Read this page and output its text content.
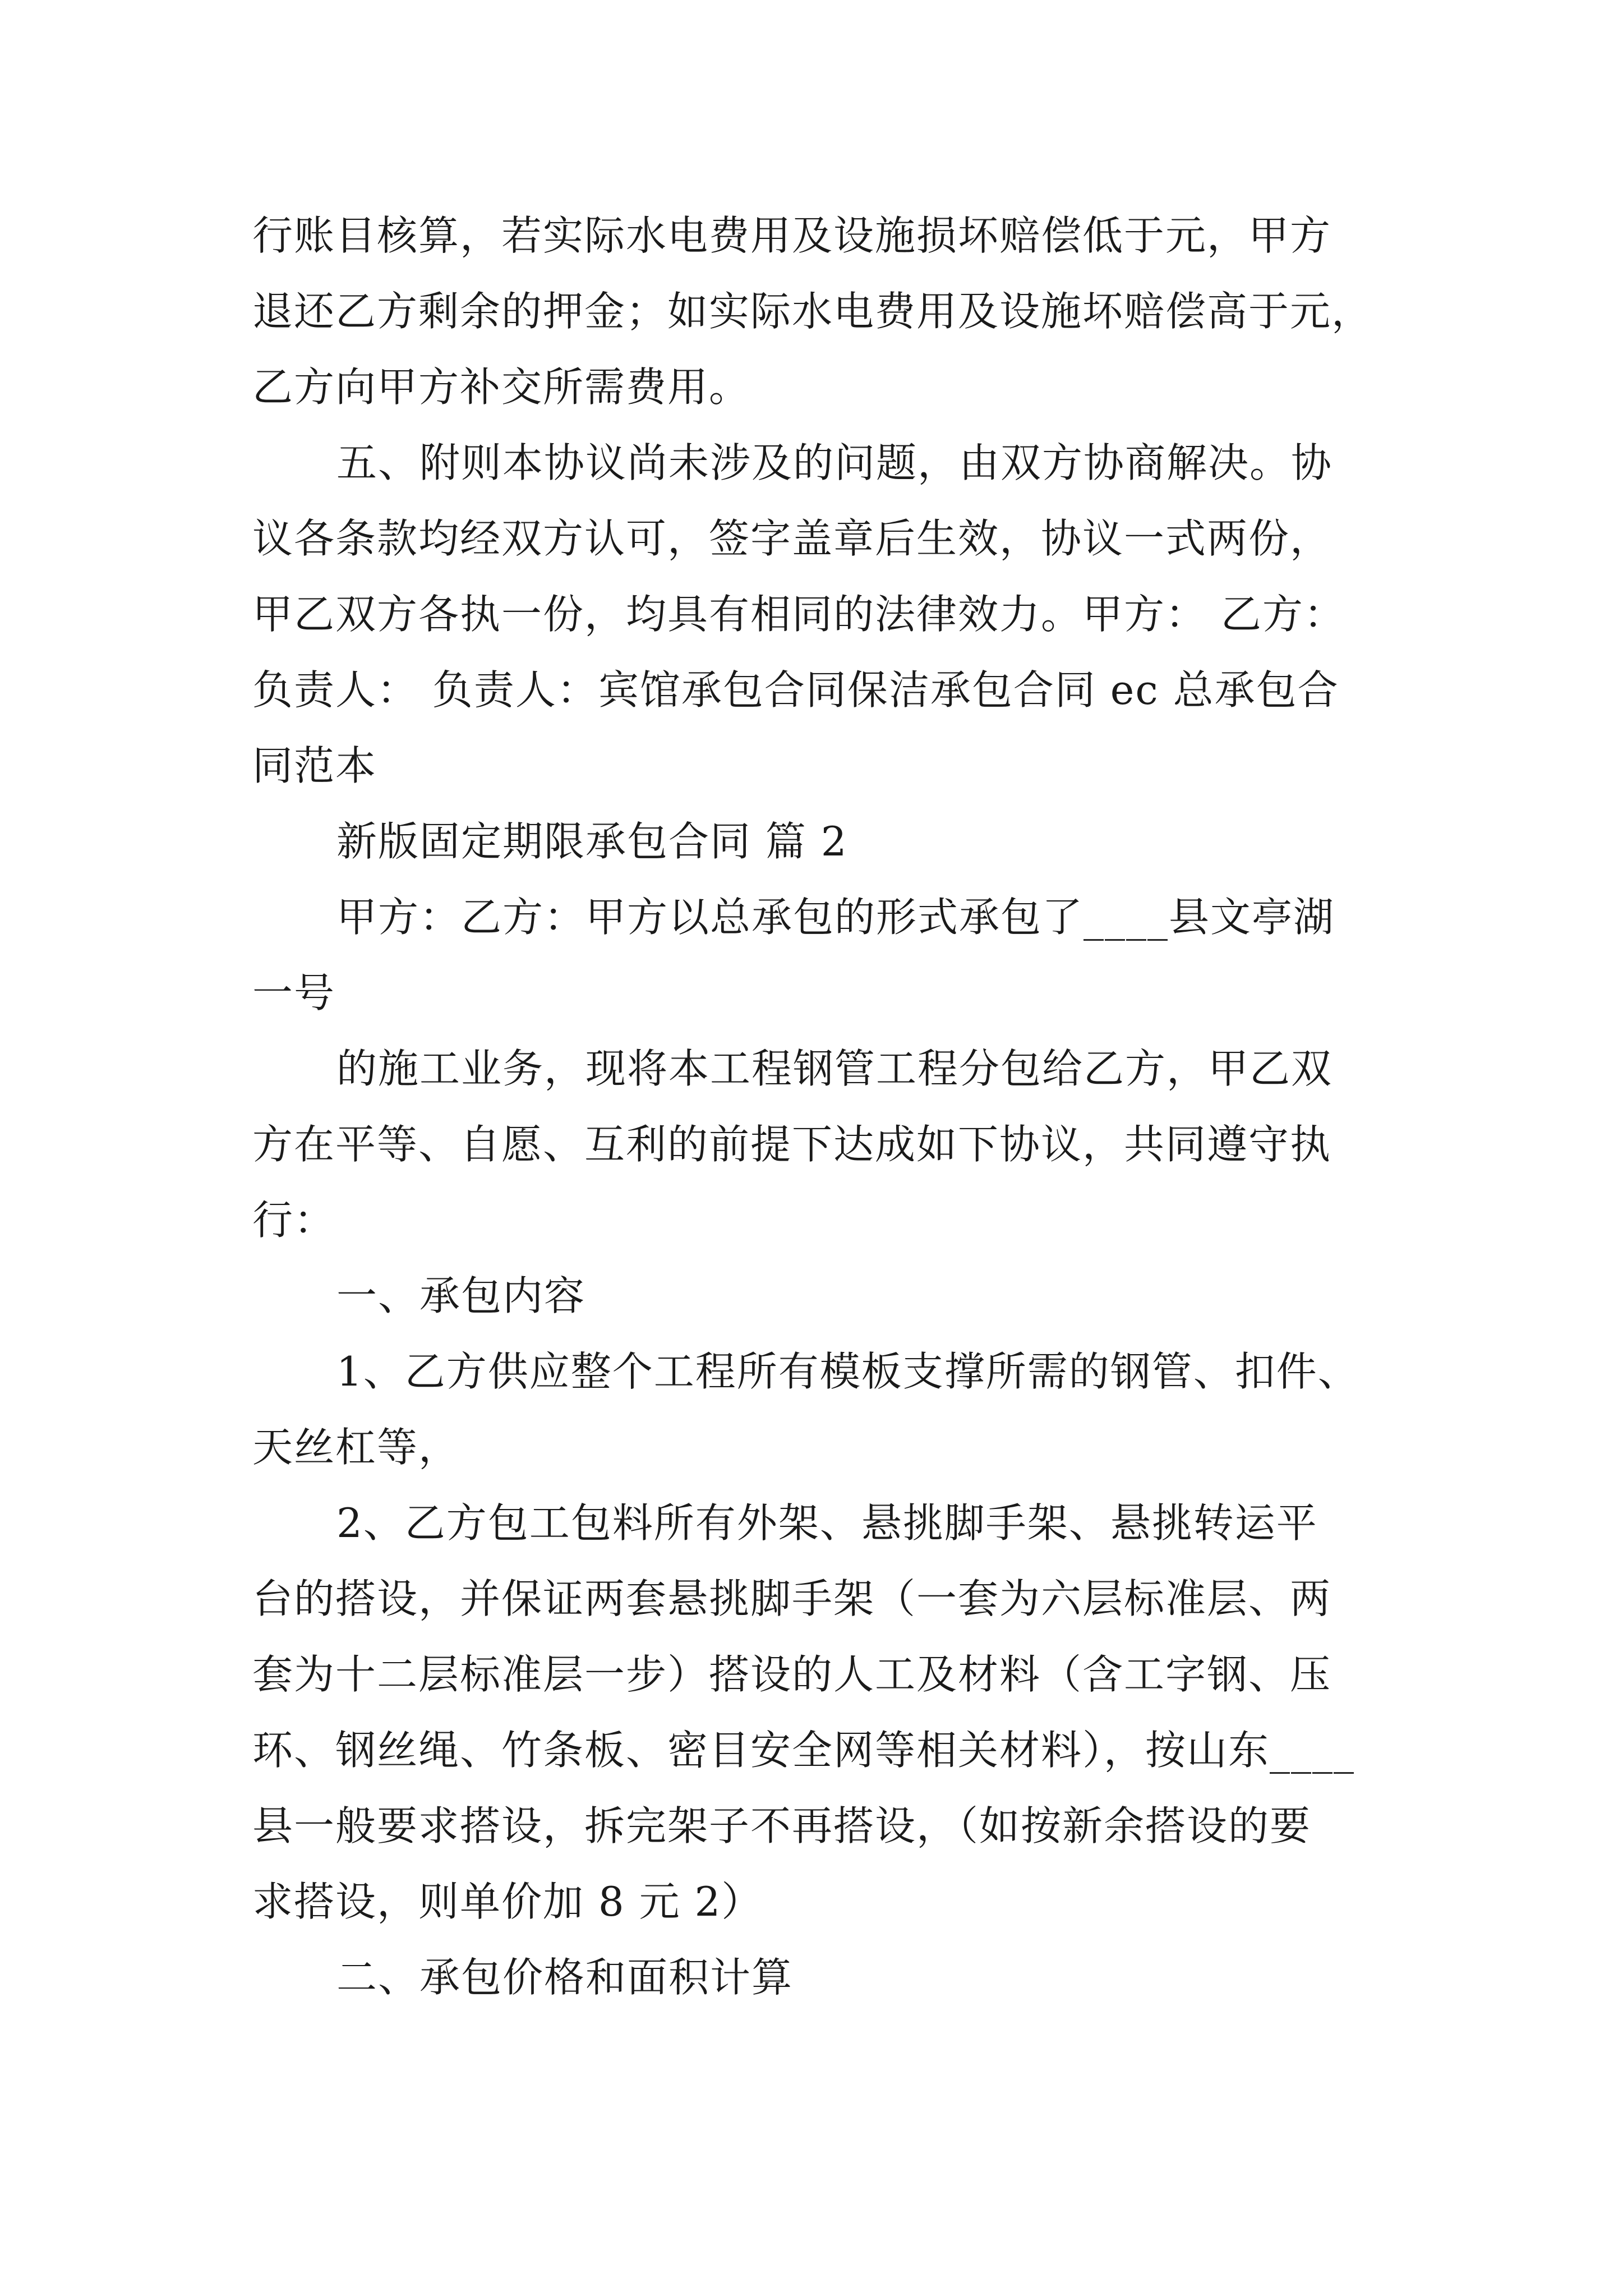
行账目核算，若实际水电费用及设施损坏赔偿低于元，甲方
退还乙方剩余的押金；如实际水电费用及设施坏赔偿高于元，
乙方向甲方补交所需费用。
五、附则本协议尚未涉及的问题，由双方协商解决。协
议各条款均经双方认可，签字盖章后生效，协议一式两份，
甲乙双方各执一份，均具有相同的法律效力。甲方： 乙方：
负责人： 负责人：宾馆承包合同保洁承包合同 ec 总承包合
同范本
新版固定期限承包合同 篇 2
甲方：乙方：甲方以总承包的形式承包了____县文亭湖
一号
的施工业务，现将本工程钢管工程分包给乙方，甲乙双
方在平等、自愿、互利的前提下达成如下协议，共同遵守执
行：
一、承包内容
1、乙方供应整个工程所有模板支撑所需的钢管、扣件、
天丝杠等，
2、乙方包工包料所有外架、悬挑脚手架、悬挑转运平
台的搭设，并保证两套悬挑脚手架（一套为六层标准层、两
套为十二层标准层一步）搭设的人工及材料（含工字钢、压
环、钢丝绳、竹条板、密目安全网等相关材料），按山东____
县一般要求搭设，拆完架子不再搭设，（如按新余搭设的要
求搭设，则单价加 8 元 2）
二、承包价格和面积计算
